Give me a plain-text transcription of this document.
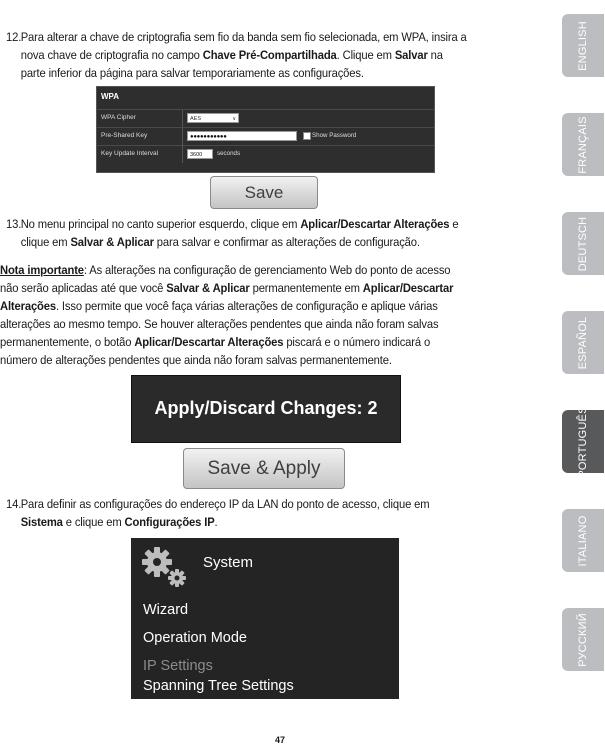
12.Para alterar a chave de criptografia sem fio da banda sem fio selecionada, em WPA, insira a
nova chave de criptografia no campo Chave Pré-Compartilhada. Clique em Salvar na
parte inferior da página para salvar temporariamente as configurações.
WPA
WPA Cipher	AES	∨
Pre-Shared Key	●●●●●●●●●●●	Show Password
Key Update Interval	3600	seconds
Save
13.No menu principal no canto superior esquerdo, clique em Aplicar/Descartar Alterações e
clique em Salvar & Aplicar para salvar e confirmar as alterações de configuração.
Nota importante: As alterações na configuração de gerenciamento Web do ponto de acesso
não serão aplicadas até que você Salvar & Aplicar permanentemente em Aplicar/Descartar
Alterações. Isso permite que você faça várias alterações de configuração e aplique várias
alterações ao mesmo tempo. Se houver alterações pendentes que ainda não foram salvas
permanentemente, o botão Aplicar/Descartar Alterações piscará e o número indicará o
número de alterações pendentes que ainda não foram salvas permanentemente.
Apply/Discard Changes: 2
Save & Apply
14.Para definir as configurações do endereço IP da LAN do ponto de acesso, clique em
Sistema e clique em Configurações IP.
System
Wizard
Operation Mode
IP Settings
Spanning Tree Settings
47
ENGLISH
FRANÇAIS
DEUTSCH
ESPAÑOL
PORTUGUÊS
ITALIANO
РУССКИЙ
